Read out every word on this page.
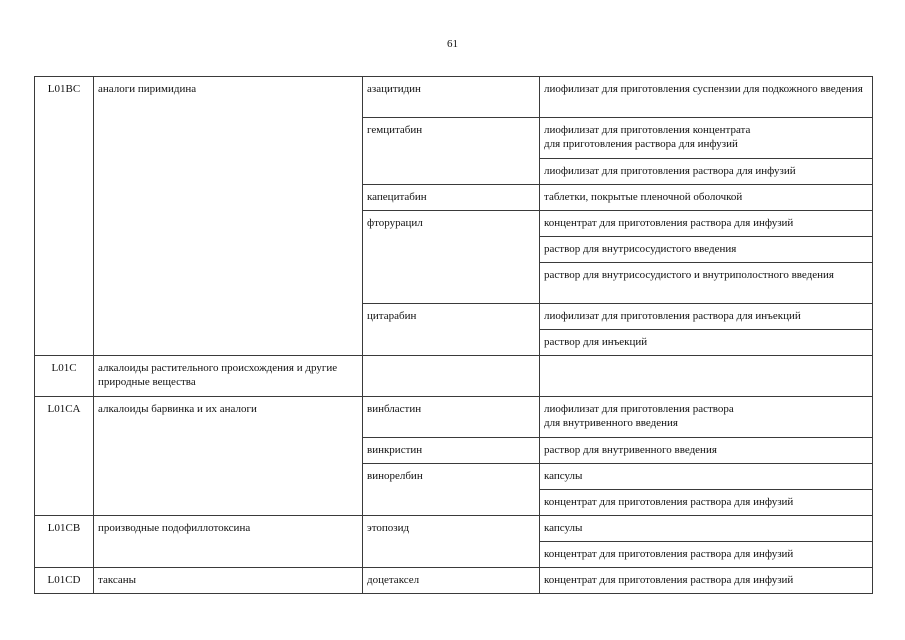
61
L01BC	аналоги пиримидина	азацитидин	лиофилизат для приготовления суспензии для подкожного введения
		гемцитабин	лиофилизат для приготовления концентрата
для приготовления раствора для инфузий
			лиофилизат для приготовления раствора для инфузий
		капецитабин	таблетки, покрытые пленочной оболочкой
		фторурацил	концентрат для приготовления раствора для инфузий
			раствор для внутрисосудистого введения
			раствор для внутрисосудистого и внутриполостного введения
		цитарабин	лиофилизат для приготовления раствора для инъекций
			раствор для инъекций
L01C	алкалоиды растительного происхождения и другие природные вещества		
L01CA	алкалоиды барвинка и их аналоги	винбластин	лиофилизат для приготовления раствора
для внутривенного введения
		винкристин	раствор для внутривенного введения
		винорелбин	капсулы
			концентрат для приготовления раствора для инфузий
L01CB	производные подофиллотоксина	этопозид	капсулы
			концентрат для приготовления раствора для инфузий
L01CD	таксаны	доцетаксел	концентрат для приготовления раствора для инфузий
